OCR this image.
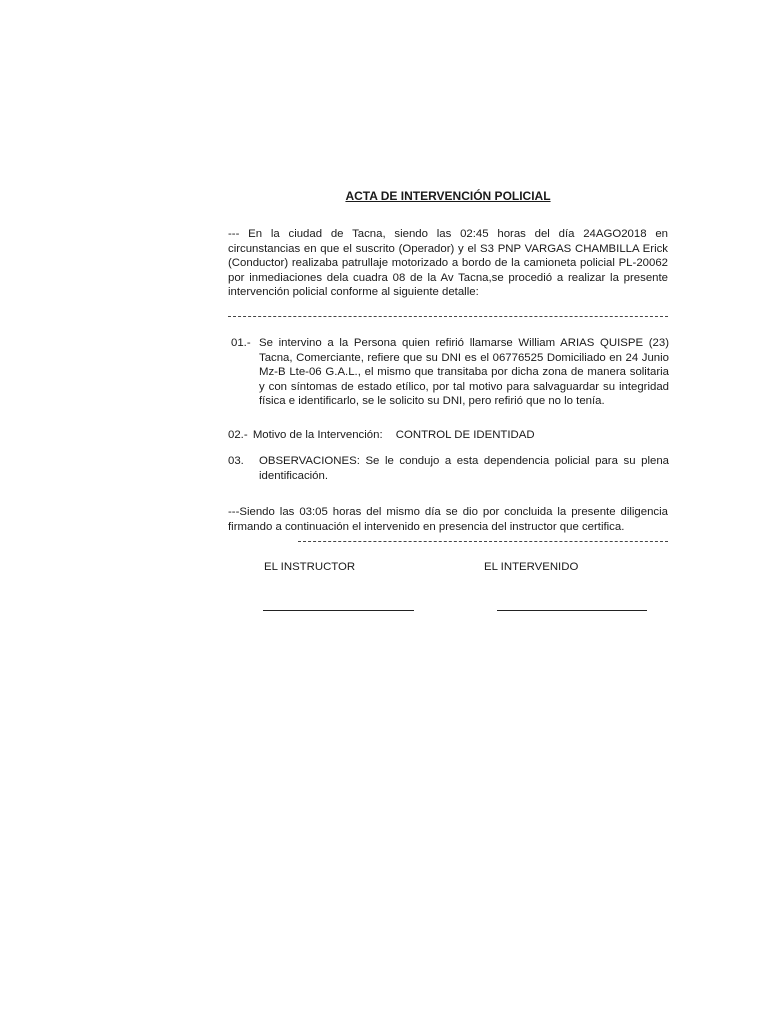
ACTA DE INTERVENCIÓN POLICIAL
--- En la ciudad de Tacna, siendo las 02:45 horas del día 24AGO2018 en circunstancias en que el suscrito (Operador) y el S3 PNP VARGAS CHAMBILLA Erick (Conductor) realizaba patrullaje motorizado a bordo de la camioneta policial PL-20062 por inmediaciones dela cuadra 08 de la Av Tacna,se procedió a realizar la presente intervención policial conforme al siguiente detalle:
01.- Se intervino a la Persona quien refirió llamarse William ARIAS QUISPE (23) Tacna, Comerciante, refiere que su DNI es el 06776525 Domiciliado en 24 Junio Mz-B Lte-06 G.A.L., el mismo que transitaba por dicha zona de manera solitaria y con síntomas de estado etílico, por tal motivo para salvaguardar su integridad física e identificarlo, se le solicito su DNI, pero refirió que no lo tenía.
02.- Motivo de la Intervención: CONTROL DE IDENTIDAD
03. OBSERVACIONES: Se le condujo a esta dependencia policial para su plena identificación.
---Siendo las 03:05 horas del mismo día se dio por concluida la presente diligencia firmando a continuación el intervenido en presencia del instructor que certifica.
EL INSTRUCTOR	EL INTERVENIDO
